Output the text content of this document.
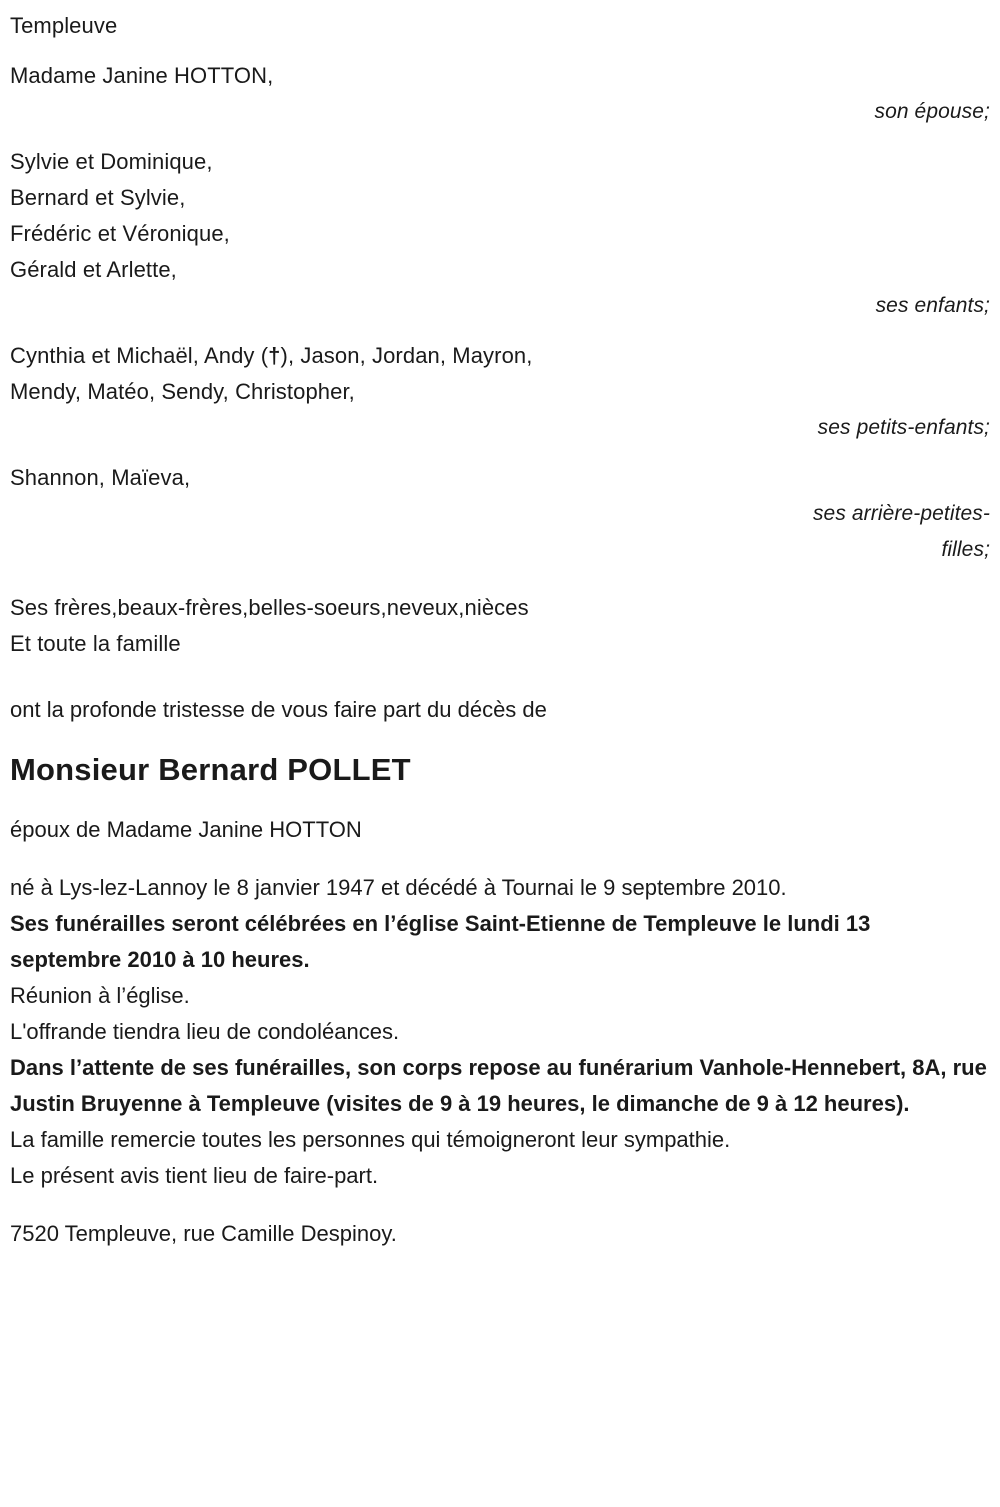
Templeuve
Madame Janine HOTTON,
son épouse;
Sylvie et Dominique,
Bernard et Sylvie,
Frédéric et Véronique,
Gérald et Arlette,
ses enfants;
Cynthia et Michaël, Andy (†), Jason, Jordan, Mayron,
Mendy, Matéo, Sendy, Christopher,
ses petits-enfants;
Shannon, Maïeva,
ses arrière-petites-
filles;
Ses frères,beaux-frères,belles-soeurs,neveux,nièces
Et toute la famille
ont la profonde tristesse de vous faire part du décès de
Monsieur Bernard POLLET
époux de Madame Janine HOTTON
né à Lys-lez-Lannoy le 8 janvier 1947 et décédé à Tournai le 9 septembre 2010.
Ses funérailles seront célébrées en l’église Saint-Etienne de Templeuve le lundi 13 septembre 2010 à 10 heures.
Réunion à l’église.
L'offrande tiendra lieu de condoléances.
Dans l’attente de ses funérailles, son corps repose au funérarium Vanhole-Hennebert, 8A, rue Justin Bruyenne à Templeuve (visites de 9 à 19 heures, le dimanche de 9 à 12 heures).
La famille remercie toutes les personnes qui témoigneront leur sympathie.
Le présent avis tient lieu de faire-part.
7520 Templeuve, rue Camille Despinoy.
